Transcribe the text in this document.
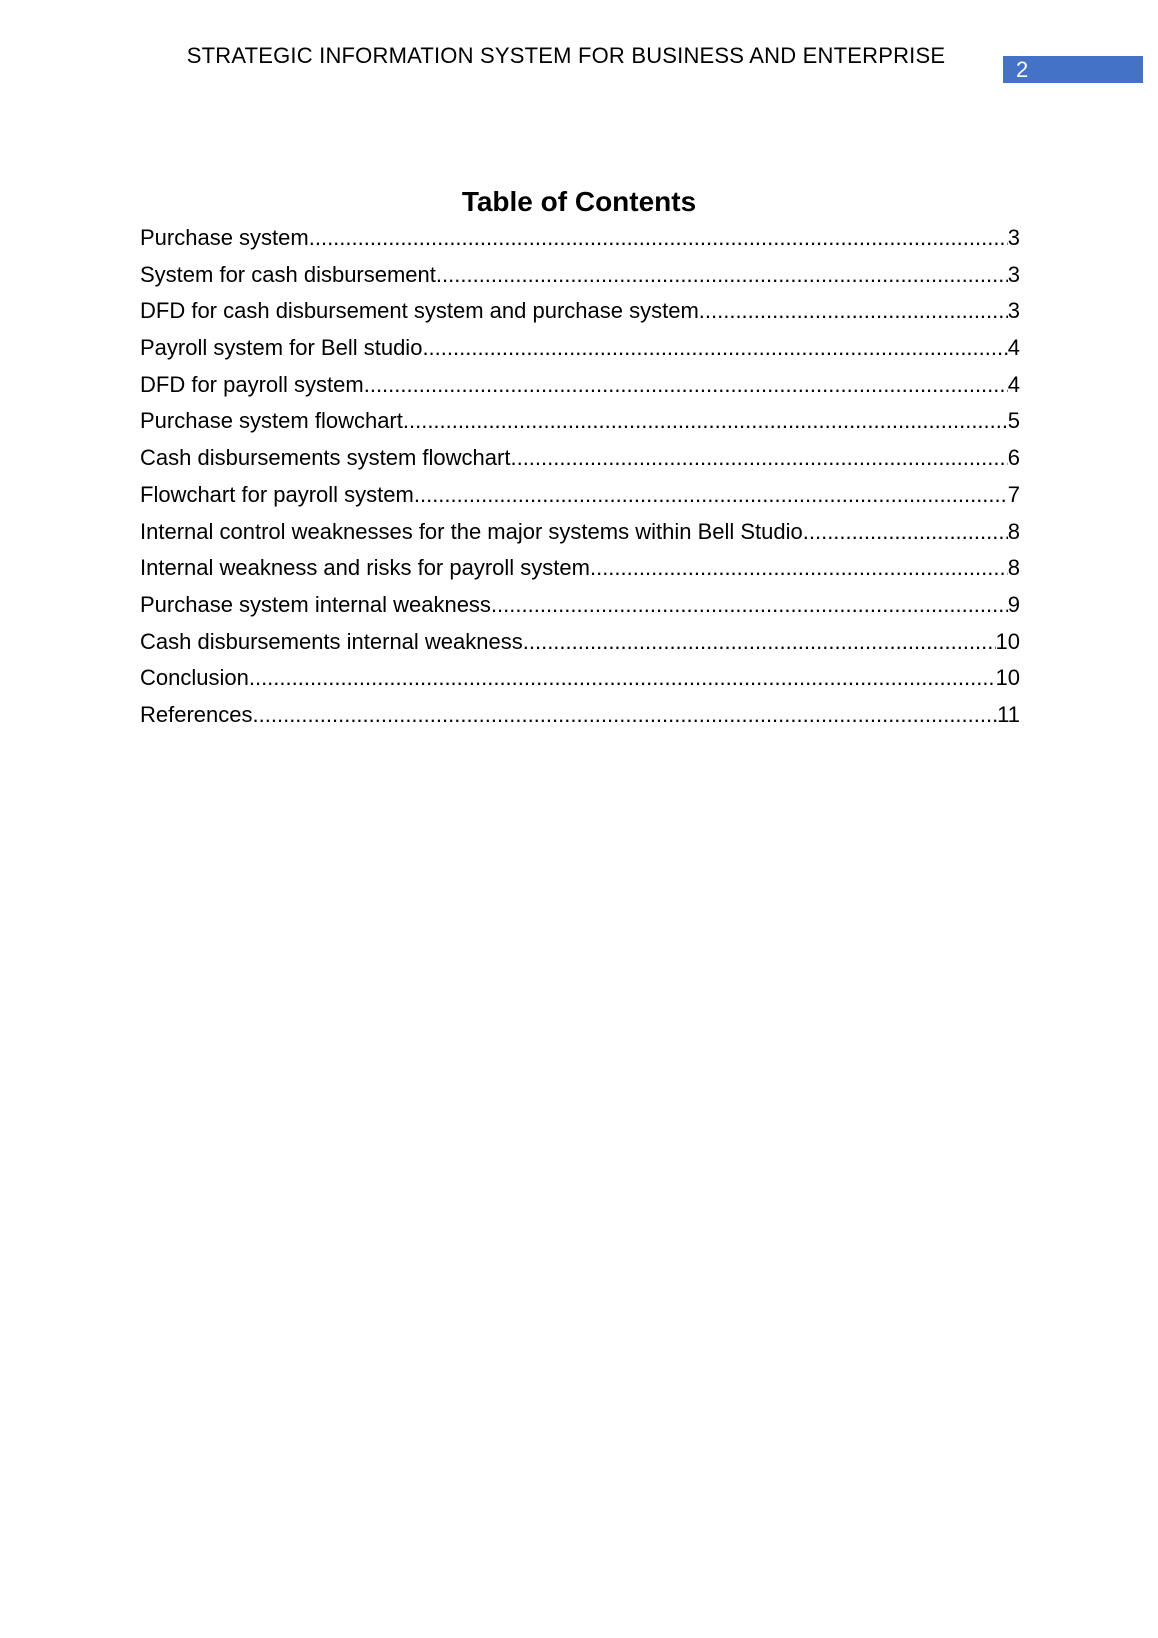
STRATEGIC INFORMATION SYSTEM FOR BUSINESS AND ENTERPRISE
2
Table of Contents
Purchase system .....	3
System for cash disbursement .....	3
DFD for cash disbursement system and purchase system .....	3
Payroll system for Bell studio .....	4
DFD for payroll system .....	4
Purchase system flowchart .....	5
Cash disbursements system flowchart .....	6
Flowchart for payroll system .....	7
Internal control weaknesses for the major systems within Bell Studio .....	8
Internal weakness and risks for payroll system .....	8
Purchase system internal weakness .....	9
Cash disbursements internal weakness .....	10
Conclusion .....	10
References .....	11
